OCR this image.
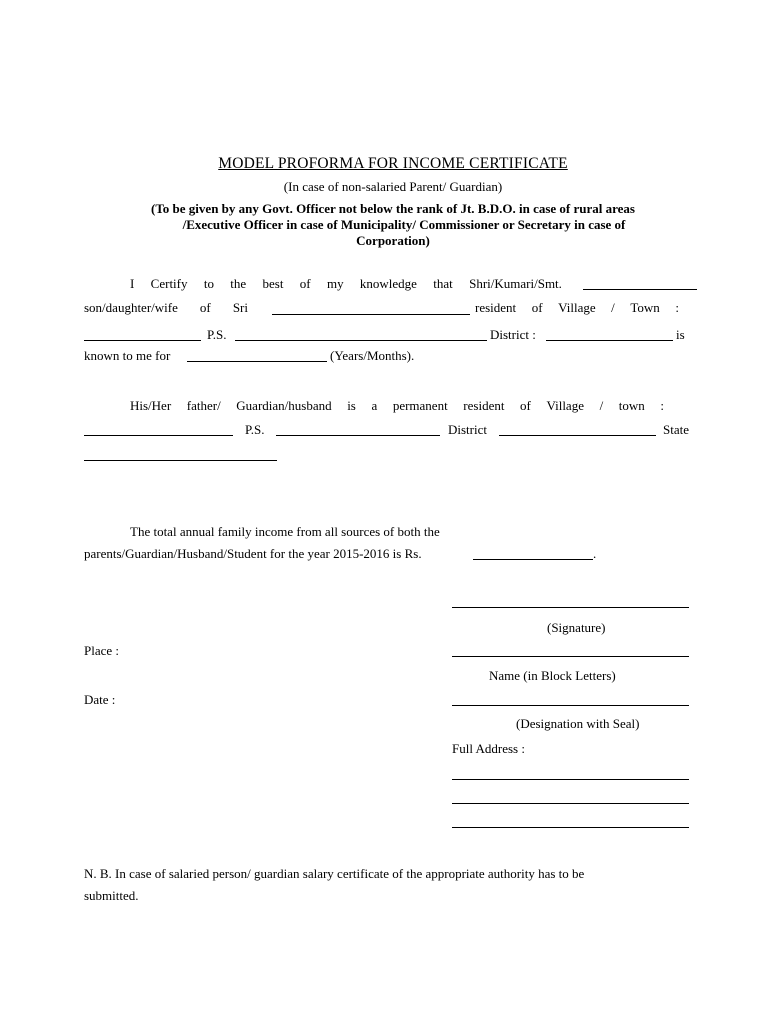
MODEL PROFORMA FOR INCOME CERTIFICATE
(In case of non-salaried Parent/ Guardian)
(To be given by any Govt. Officer not below the rank of Jt. B.D.O. in case of rural areas
/Executive Officer in case of Municipality/ Commissioner or Secretary in case of
Corporation)
I Certify to the best of my knowledge that Shri/Kumari/Smt.
son/daughter/wife of Sri	resident of Village / Town :
P.S.	District :	is
known to me for	(Years/Months).
His/Her father/ Guardian/husband is a permanent resident of Village / town :
P.S.	District	State
The total annual family income from all sources of both the
parents/Guardian/Husband/Student for the year 2015-2016 is Rs.	.
(Signature)
Place :
Name (in Block Letters)
Date :
(Designation with Seal)
Full Address :
N. B. In case of salaried person/ guardian salary certificate of the appropriate authority has to be
submitted.
